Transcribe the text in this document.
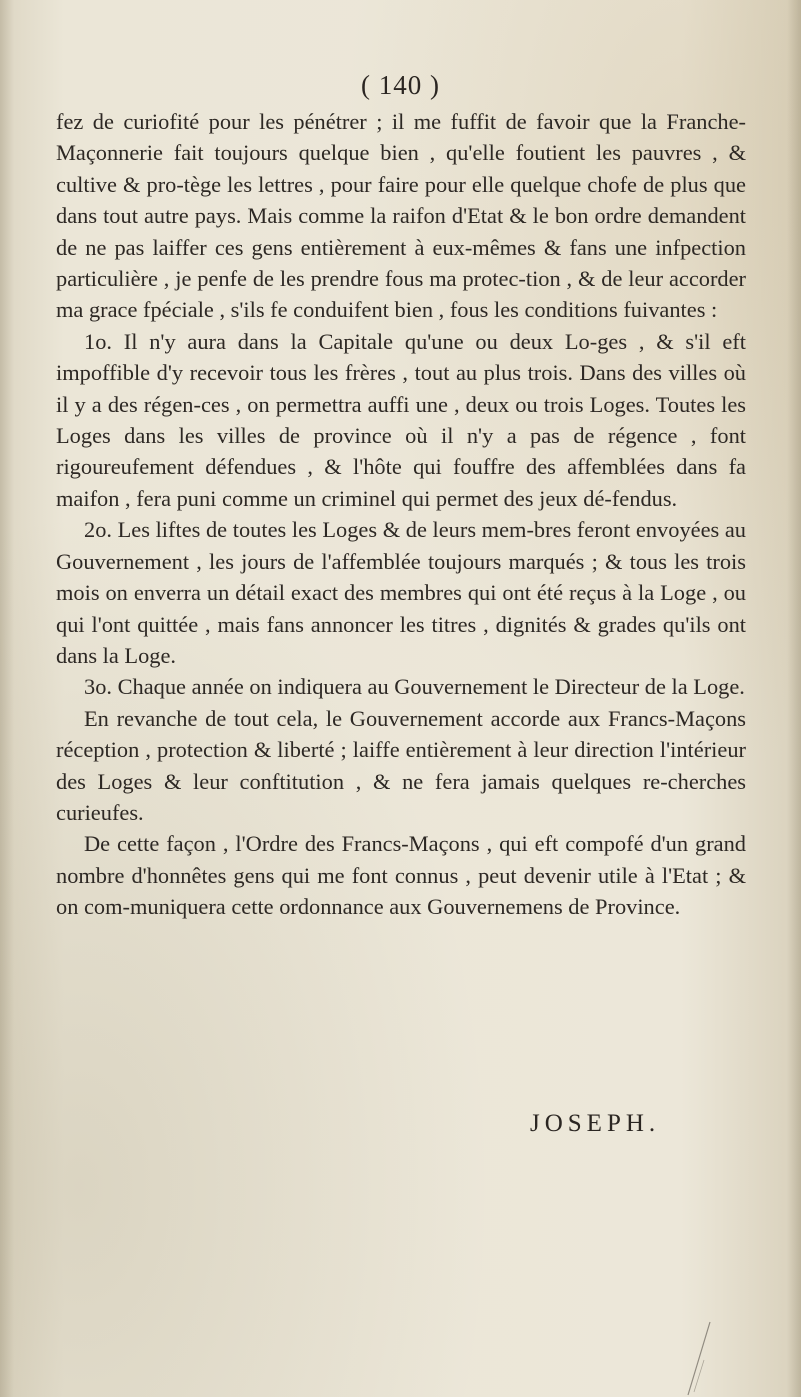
( 140 )

fez de curiofité pour les pénétrer ; il me fuffit de favoir que la Franche-Maçonnerie fait toujours quelque bien , qu'elle foutient les pauvres , & cultive & pro-tège les lettres , pour faire pour elle quelque chofe de plus que dans tout autre pays. Mais comme la raifon d'Etat & le bon ordre demandent de ne pas laiffer ces gens entièrement à eux-mêmes & fans une infpection particulière , je penfe de les prendre fous ma protec-tion , & de leur accorder ma grace fpéciale , s'ils fe conduifent bien , fous les conditions fuivantes :

1o. Il n'y aura dans la Capitale qu'une ou deux Lo-ges , & s'il eft impoffible d'y recevoir tous les frères , tout au plus trois. Dans des villes où il y a des régen-ces , on permettra auffi une , deux ou trois Loges. Toutes les Loges dans les villes de province où il n'y a pas de régence , font rigoureufement défendues , & l'hôte qui fouffre des affemblées dans fa maifon , fera puni comme un criminel qui permet des jeux dé-fendus.

2o. Les liftes de toutes les Loges & de leurs mem-bres feront envoyées au Gouvernement , les jours de l'affemblée toujours marqués ; & tous les trois mois on enverra un détail exact des membres qui ont été reçus à la Loge , ou qui l'ont quittée , mais fans annoncer les titres , dignités & grades qu'ils ont dans la Loge.

3o. Chaque année on indiquera au Gouvernement le Directeur de la Loge.

En revanche de tout cela, le Gouvernement accorde aux Francs-Maçons réception , protection & liberté ; laiffe entièrement à leur direction l'intérieur des Loges & leur conftitution , & ne fera jamais quelques re-cherches curieufes.

De cette façon , l'Ordre des Francs-Maçons , qui eft compofé d'un grand nombre d'honnêtes gens qui me font connus , peut devenir utile à l'Etat ; & on com-muniquera cette ordonnance aux Gouvernemens de Province.

JOSEPH.
